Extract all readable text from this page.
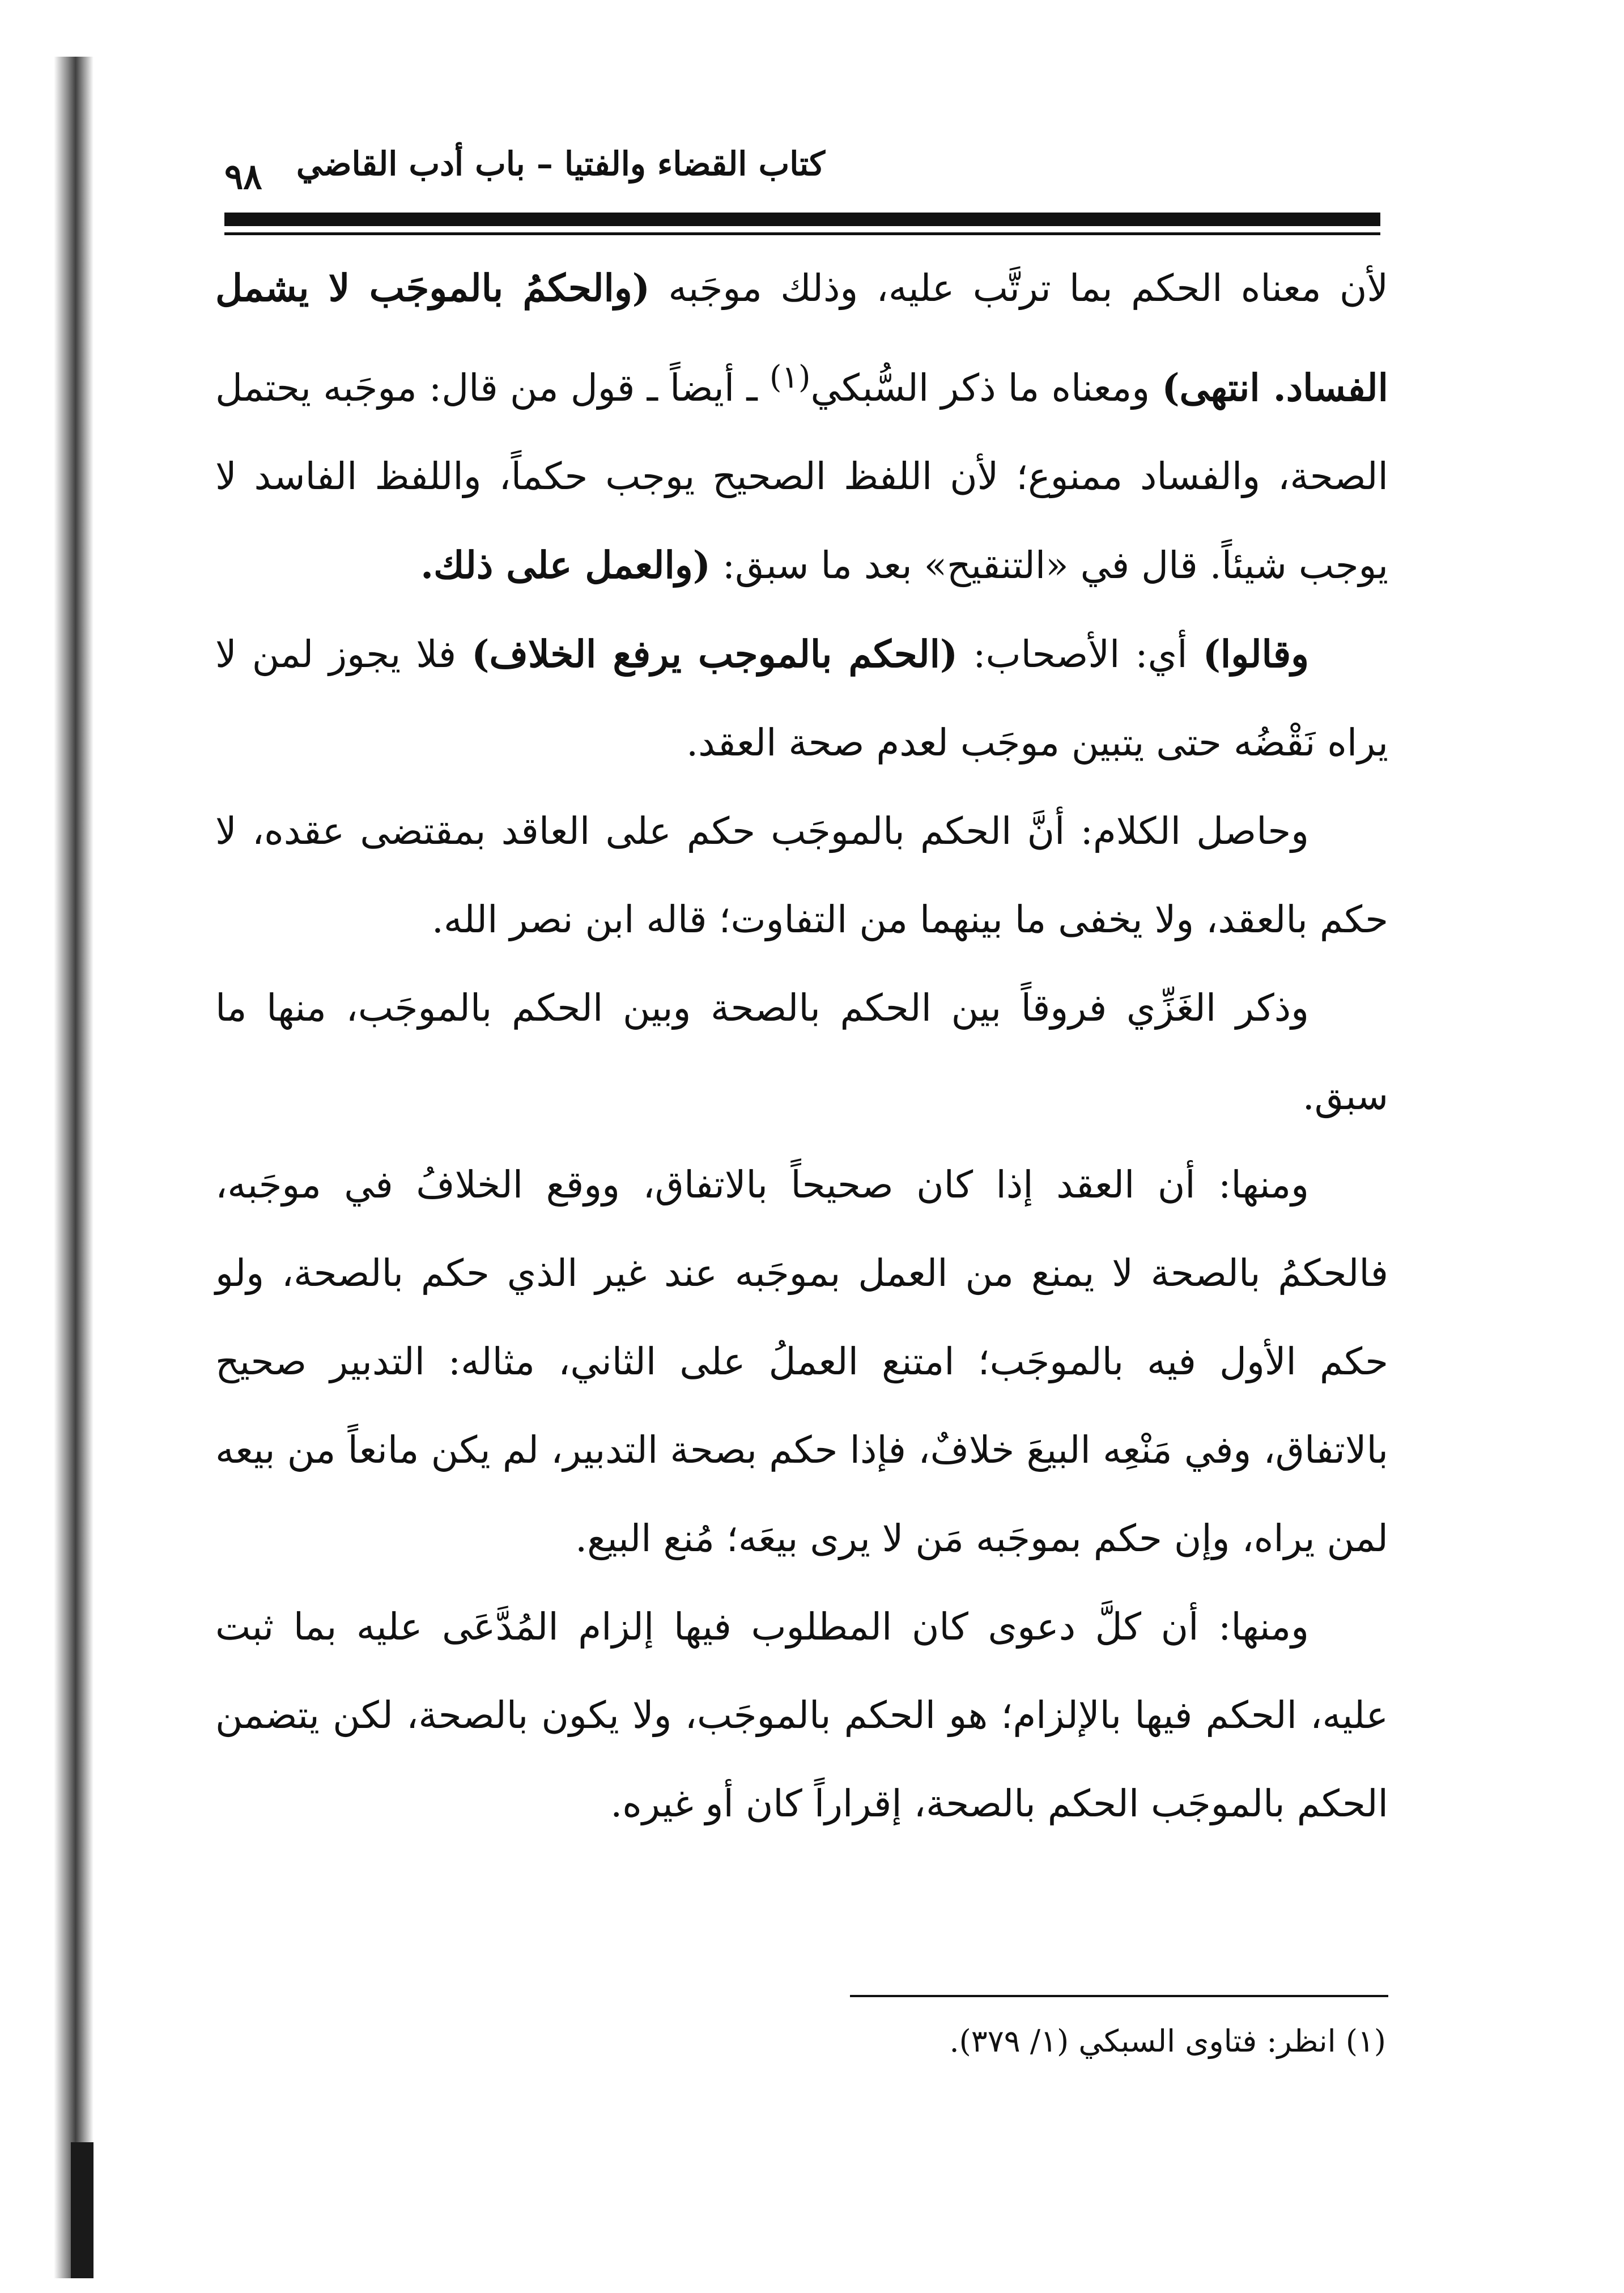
كتاب القضاء والفتيا – باب أدب القاضي
٩٨

لأن معناه الحكم بما ترتَّب عليه، وذلك موجَبه (والحكمُ بالموجَب لا يشمل الفساد. انتهى) ومعناه ما ذكر السُّبكي$^{(١)}$ ـ أيضاً ـ قول من قال: موجَبه يحتمل الصحة، والفساد ممنوع؛ لأن اللفظ الصحيح يوجب حكماً، واللفظ الفاسد لا يوجب شيئاً. قال في «التنقيح» بعد ما سبق: (والعمل على ذلك.

وقالوا) أي: الأصحاب: (الحكم بالموجب يرفع الخلاف) فلا يجوز لمن لا يراه نَقْضُه حتى يتبين موجَب لعدم صحة العقد.

وحاصل الكلام: أنَّ الحكم بالموجَب حكم على العاقد بمقتضى عقده، لا حكم بالعقد، ولا يخفى ما بينهما من التفاوت؛ قاله ابن نصر الله.

وذكر الغَزِّي فروقاً بين الحكم بالصحة وبين الحكم بالموجَب، منها ما سبق.

ومنها: أن العقد إذا كان صحيحاً بالاتفاق، ووقع الخلافُ في موجَبه، فالحكمُ بالصحة لا يمنع من العمل بموجَبه عند غير الذي حكم بالصحة، ولو حكم الأول فيه بالموجَب؛ امتنع العملُ على الثاني، مثاله: التدبير صحيح بالاتفاق، وفي مَنْعِه البيعَ خلافٌ، فإذا حكم بصحة التدبير، لم يكن مانعاً من بيعه لمن يراه، وإن حكم بموجَبه مَن لا يرى بيعَه؛ مُنع البيع.

ومنها: أن كلَّ دعوى كان المطلوب فيها إلزام المُدَّعَى عليه بما ثبت عليه، الحكم فيها بالإلزام؛ هو الحكم بالموجَب، ولا يكون بالصحة، لكن يتضمن الحكم بالموجَب الحكم بالصحة، إقراراً كان أو غيره.

(١) انظر: فتاوى السبكي (١/ ٣٧٩).
